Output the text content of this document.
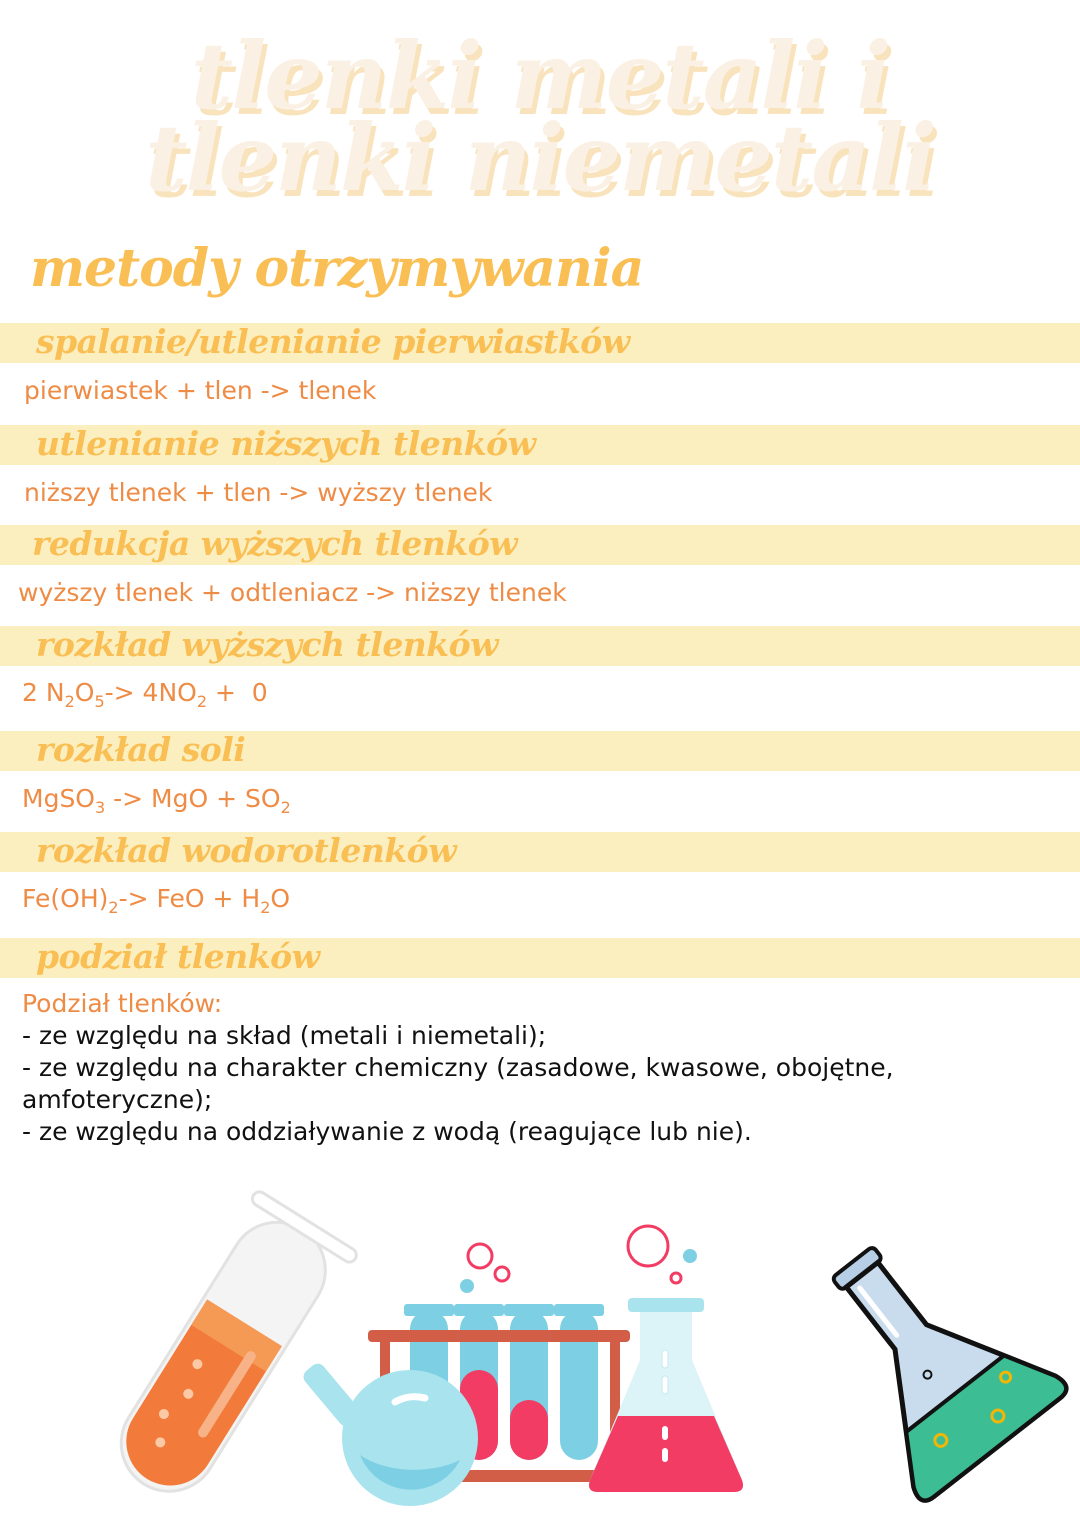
tlenki metali i
tlenki niemetali
metody otrzymywania
spalanie/utlenianie pierwiastków
pierwiastek + tlen -> tlenek
utlenianie niższych tlenków
niższy tlenek + tlen -> wyższy tlenek
redukcja wyższych tlenków
wyższy tlenek + odtleniacz -> niższy tlenek
rozkład wyższych tlenków
2 $N_2O_5-> 4NO_2 + 0$
rozkład soli
MgSO$_3$ -> MgO + $SO_2$
rozkład wodorotlenków
$Fe(OH)_2->$ FeO + $H_2O$
podział tlenków
Podział tlenków:
- ze względu na skład (metali i niemetali);
- ze względu na charakter chemiczny (zasadowe, kwasowe, obojętne, amfoteryczne);
- ze względu na oddziaływanie z wodą (reagujące lub nie).
